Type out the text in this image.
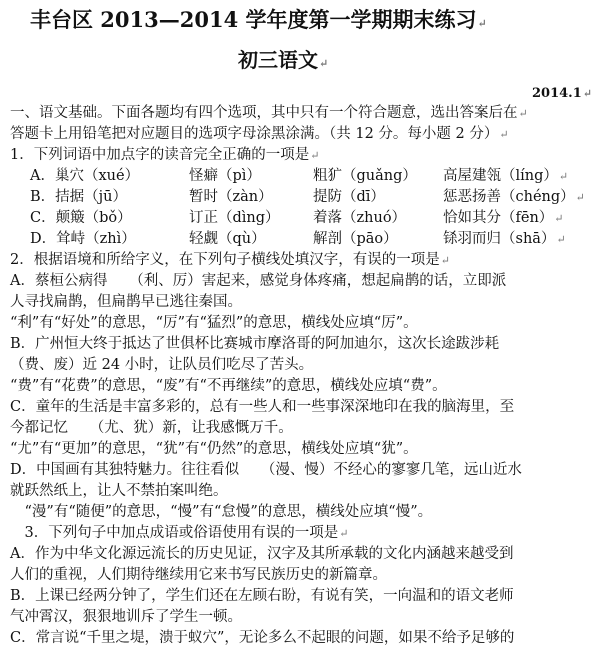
丰台区 2013—2014 学年度第一学期期末练习↵
初三语文↵
2014.1↵
一、语文基础。下面各题均有四个选项，其中只有一个符合题意，选出答案后在↵
答题卡上用铅笔把对应题目的选项字母涂黑涂满。（共 12 分。每小题 2 分）↵
1．下列词语中加点字的读音完全正确的一项是↵
A．巢穴（xué）	怪癖（pì）	粗犷（guǎng） 高屋建瓴（líng）↵
B．拮据（jū）	暂时（zàn）	提防（dī）	惩恶扬善（chéng）↵
C．颠簸（bǒ）	订正（dìng） 着落（zhuó）	恰如其分（fēn）↵
D．耸峙（zhì）	轻觑（qù）	解剖（pāo）	铩羽而归（shā）↵
2．根据语境和所给字义，在下列句子横线处填汉字，有误的一项是↵
A．蔡桓公病得　　（利、厉）害起来，感觉身体疼痛，想起扁鹊的话，立即派
人寻找扁鹊，但扁鹊早已逃往秦国。
“利”有“好处”的意思，“厉”有“猛烈”的意思，横线处应填“厉”。
B．广州恒大终于抵达了世俱杯比赛城市摩洛哥的阿加迪尔，这次长途跋涉耗
（费、废）近 24 小时，让队员们吃尽了苦头。
“费”有“花费”的意思，“废”有“不再继续”的意思，横线处应填“费”。
C．童年的生活是丰富多彩的，总有一些人和一些事深深地印在我的脑海里，至
今都记忆　　（尤、犹）新，让我感慨万千。
“尤”有“更加”的意思，“犹”有“仍然”的意思，横线处应填“犹”。
D．中国画有其独特魅力。往往看似　　（漫、慢）不经心的寥寥几笔，远山近水
就跃然纸上，让人不禁拍案叫绝。
　“漫”有“随便”的意思，“慢”有“怠慢”的意思，横线处应填“慢”。
　3．下列句子中加点成语或俗语使用有误的一项是↵
A．作为中华文化源远流长的历史见证，汉字及其所承载的文化内涵越来越受到
人们的重视，人们期待继续用它来书写民族历史的新篇章。
B．上课已经两分钟了，学生们还在左顾右盼，有说有笑，一向温和的语文老师
气冲霄汉，狠狠地训斥了学生一顿。
C．常言说“千里之堤，溃于蚁穴”，无论多么不起眼的问题，如果不给予足够的
